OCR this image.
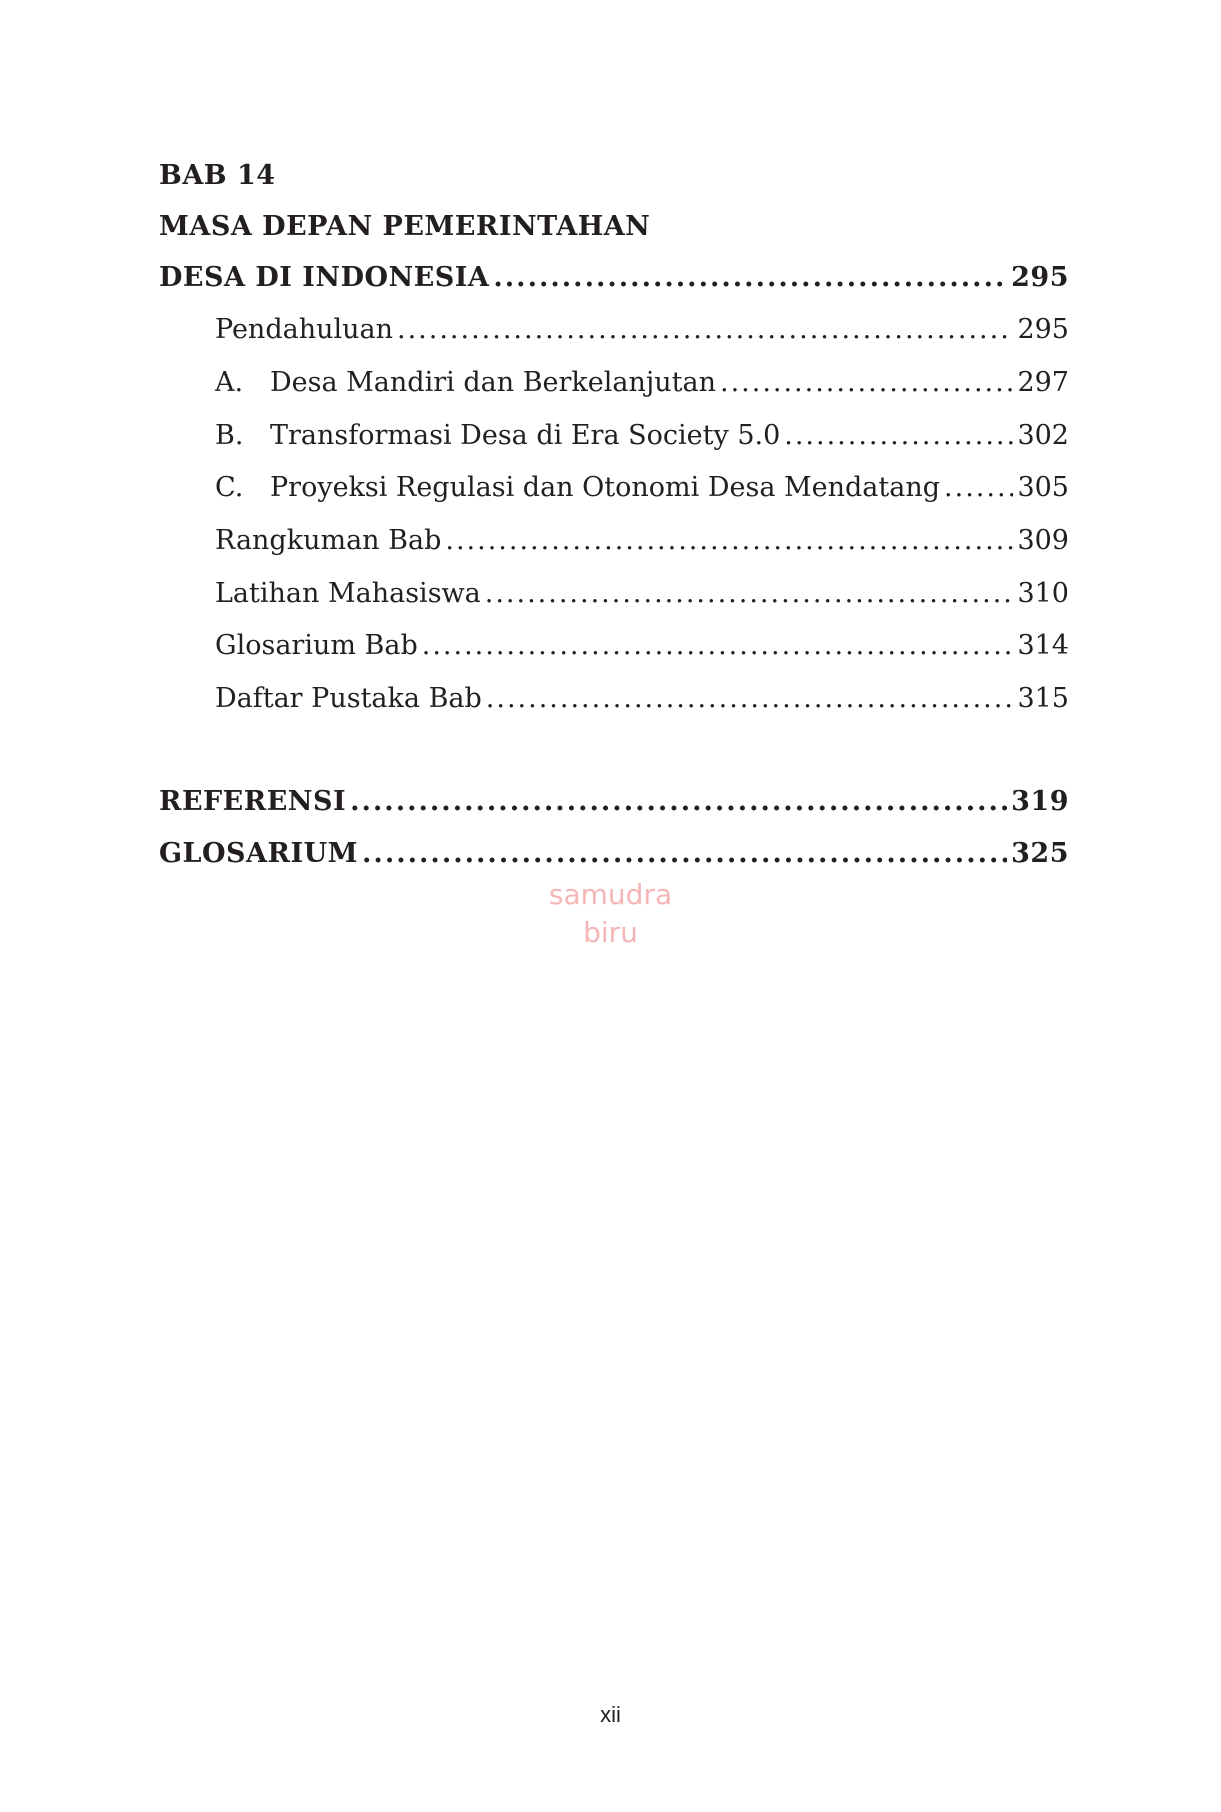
BAB 14
MASA DEPAN PEMERINTAHAN
DESA DI INDONESIA .....	295
Pendahuluan .....	295
A. Desa Mandiri dan Berkelanjutan .....	297
B. Transformasi Desa di Era Society 5.0 .....	302
C. Proyeksi Regulasi dan Otonomi Desa Mendatang .....	305
Rangkuman Bab .....	309
Latihan Mahasiswa .....	310
Glosarium Bab .....	314
Daftar Pustaka Bab .....	315
REFERENSI .....	319
GLOSARIUM .....	325
samudra
biru
xii
